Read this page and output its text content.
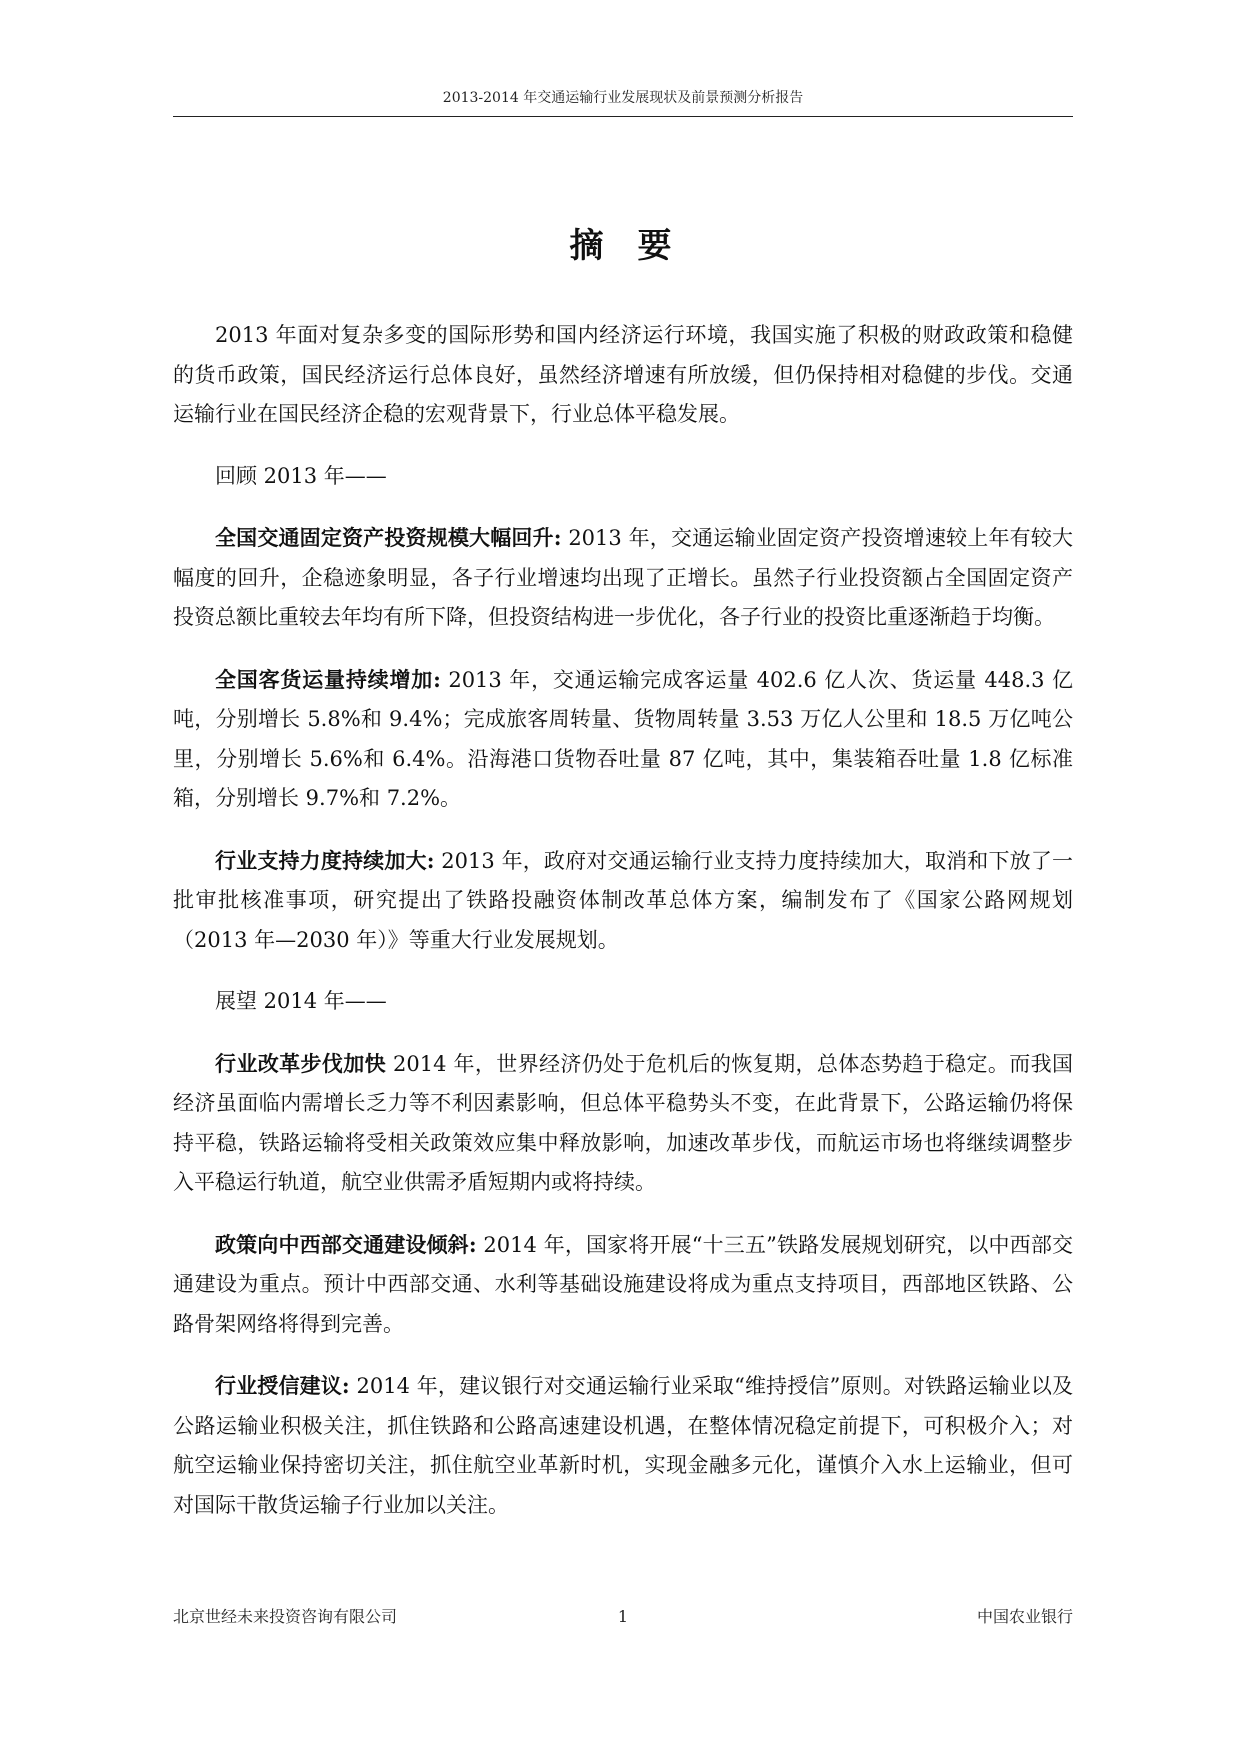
2013-2014 年交通运输行业发展现状及前景预测分析报告
摘要

2013 年面对复杂多变的国际形势和国内经济运行环境，我国实施了积极的财政政策和稳健的货币政策，国民经济运行总体良好，虽然经济增速有所放缓，但仍保持相对稳健的步伐。交通运输行业在国民经济企稳的宏观背景下，行业总体平稳发展。

回顾 2013 年——

全国交通固定资产投资规模大幅回升: 2013 年，交通运输业固定资产投资增速较上年有较大幅度的回升，企稳迹象明显，各子行业增速均出现了正增长。虽然子行业投资额占全国固定资产投资总额比重较去年均有所下降，但投资结构进一步优化，各子行业的投资比重逐渐趋于均衡。

全国客货运量持续增加: 2013 年，交通运输完成客运量 402.6 亿人次、货运量 448.3 亿吨，分别增长 5.8%和 9.4%；完成旅客周转量、货物周转量 3.53 万亿人公里和 18.5 万亿吨公里，分别增长 5.6%和 6.4%。沿海港口货物吞吐量 87 亿吨，其中，集装箱吞吐量 1.8 亿标准箱，分别增长 9.7%和 7.2%。

行业支持力度持续加大: 2013 年，政府对交通运输行业支持力度持续加大，取消和下放了一批审批核准事项，研究提出了铁路投融资体制改革总体方案，编制发布了《国家公路网规划（2013 年—2030 年）》等重大行业发展规划。

展望 2014 年——

行业改革步伐加快 2014 年，世界经济仍处于危机后的恢复期，总体态势趋于稳定。而我国经济虽面临内需增长乏力等不利因素影响，但总体平稳势头不变，在此背景下，公路运输仍将保持平稳，铁路运输将受相关政策效应集中释放影响，加速改革步伐，而航运市场也将继续调整步入平稳运行轨道，航空业供需矛盾短期内或将持续。

政策向中西部交通建设倾斜: 2014 年，国家将开展“十三五”铁路发展规划研究，以中西部交通建设为重点。预计中西部交通、水利等基础设施建设将成为重点支持项目，西部地区铁路、公路骨架网络将得到完善。

行业授信建议: 2014 年，建议银行对交通运输行业采取“维持授信”原则。对铁路运输业以及公路运输业积极关注，抓住铁路和公路高速建设机遇，在整体情况稳定前提下，可积极介入；对航空运输业保持密切关注，抓住航空业革新时机，实现金融多元化，谨慎介入水上运输业，但可对国际干散货运输子行业加以关注。

北京世经未来投资咨询有限公司	1	中国农业银行
